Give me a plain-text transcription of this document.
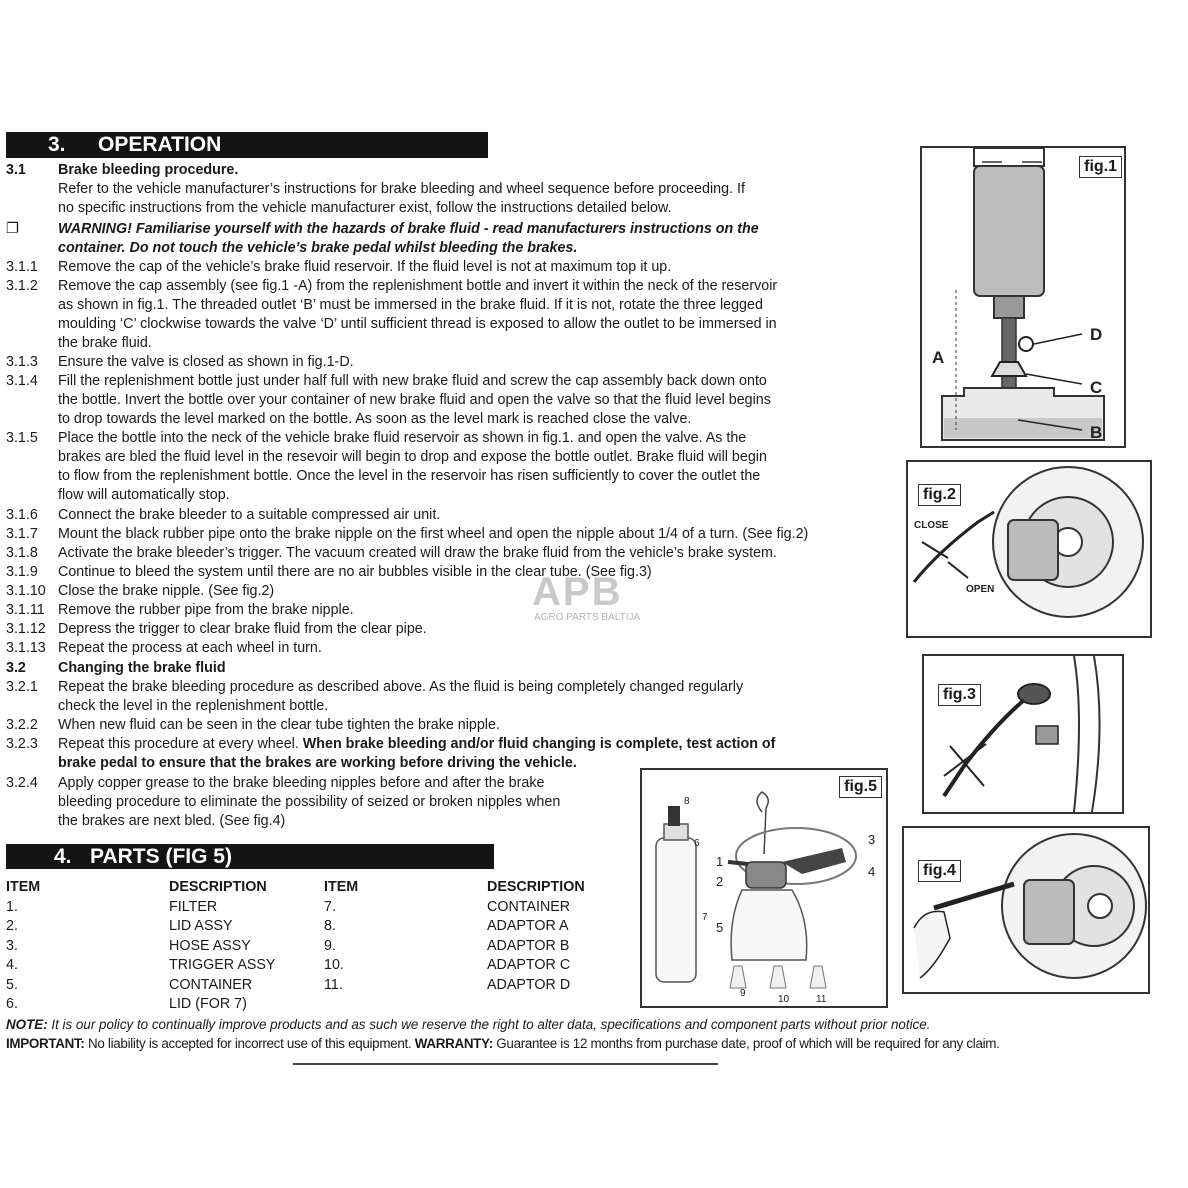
3. OPERATION
3.1 Brake bleeding procedure.
Refer to the vehicle manufacturer’s instructions for brake bleeding and wheel sequence before proceeding. If
no specific instructions from the vehicle manufacturer exist, follow the instructions detailed below.
❐	WARNING! Familiarise yourself with the hazards of brake fluid - read manufacturers instructions on the
container. Do not touch the vehicle’s brake pedal whilst bleeding the brakes.
3.1.1 Remove the cap of the vehicle’s brake fluid reservoir. If the fluid level is not at maximum top it up.
3.1.2 Remove the cap assembly (see fig.1 -A) from the replenishment bottle and invert it within the neck of the reservoir
as shown in fig.1. The threaded outlet ‘B’ must be immersed in the brake fluid. If it is not, rotate the three legged
moulding ‘C’ clockwise towards the valve ‘D’ until sufficient thread is exposed to allow the outlet to be immersed in
the brake fluid.
3.1.3 Ensure the valve is closed as shown in fig.1-D.
3.1.4 Fill the replenishment bottle just under half full with new brake fluid and screw the cap assembly back down onto
the bottle. Invert the bottle over your container of new brake fluid and open the valve so that the fluid level begins
to drop towards the level marked on the bottle. As soon as the level mark is reached close the valve.
3.1.5 Place the bottle into the neck of the vehicle brake fluid reservoir as shown in fig.1. and open the valve. As the
brakes are bled the fluid level in the resevoir will begin to drop and expose the bottle outlet. Brake fluid will begin
to flow from the replenishment bottle. Once the level in the reservoir has risen sufficiently to cover the outlet the
flow will automatically stop.
3.1.6 Connect the brake bleeder to a suitable compressed air unit.
3.1.7 Mount the black rubber pipe onto the brake nipple on the first wheel and open the nipple about 1/4 of a turn. (See fig.2)
3.1.8 Activate the brake bleeder’s trigger. The vacuum created will draw the brake fluid from the vehicle’s brake system.
3.1.9 Continue to bleed the system until there are no air bubbles visible in the clear tube. (See fig.3)
3.1.10 Close the brake nipple. (See fig.2)
3.1.11 Remove the rubber pipe from the brake nipple.
3.1.12 Depress the trigger to clear brake fluid from the clear pipe.
3.1.13 Repeat the process at each wheel in turn.
3.2 Changing the brake fluid
3.2.1 Repeat the brake bleeding procedure as described above. As the fluid is being completely changed regularly
check the level in the replenishment bottle.
3.2.2 When new fluid can be seen in the clear tube tighten the brake nipple.
3.2.3 Repeat this procedure at every wheel. When brake bleeding and/or fluid changing is complete, test action of
brake pedal to ensure that the brakes are working before driving the vehicle.
3.2.4 Apply copper grease to the brake bleeding nipples before and after the brake
bleeding procedure to eliminate the possibility of seized or broken nipples when
the brakes are next bled. (See fig.4)
4. PARTS (FIG 5)
ITEM
1.
2.
3.
4.
5.
6.
DESCRIPTION
FILTER
LID ASSY
HOSE ASSY
TRIGGER ASSY
CONTAINER
LID (FOR 7)
ITEM
7.
8.
9.
10.
11.
DESCRIPTION
CONTAINER
ADAPTOR A
ADAPTOR B
ADAPTOR C
ADAPTOR D
NOTE: It is our policy to continually improve products and as such we reserve the right to alter data, specifications and component parts without prior notice.
IMPORTANT: No liability is accepted for incorrect use of this equipment. WARRANTY: Guarantee is 12 months from purchase date, proof of which will be required for any claim.
APB
AGRO PARTS BALTIJA
D
C
B
A
fig.1
CLOSE
OPEN
fig.2
fig.3
fig.4
1
2
3
4
5
6
7
8
9
10	11
fig.5
